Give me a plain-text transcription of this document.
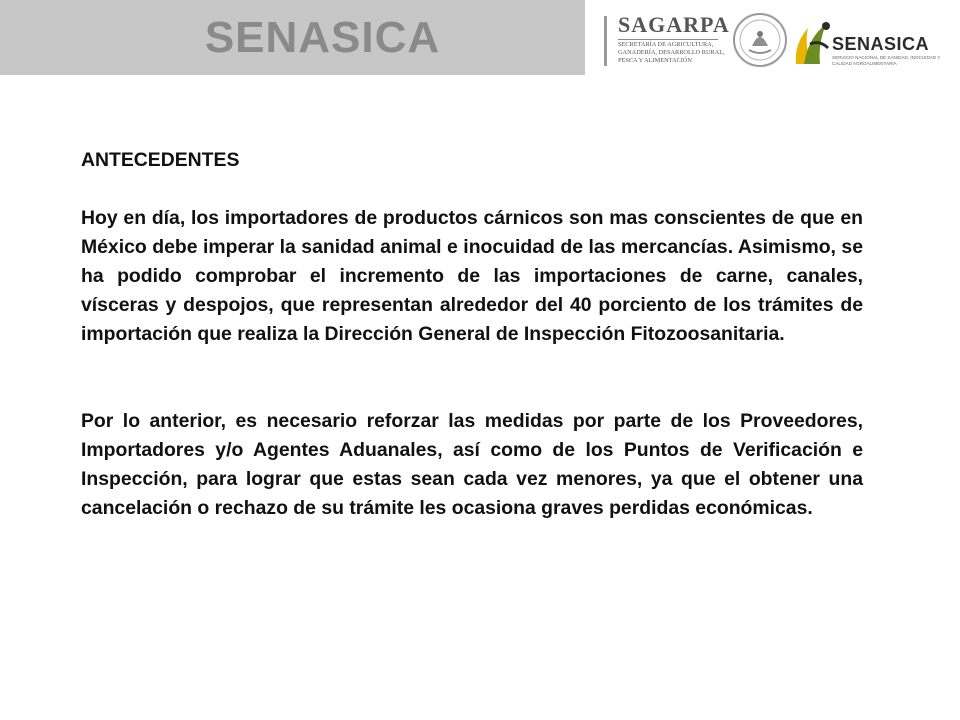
SENASICA	SAGARPA
SECRETARÍA DE AGRICULTURA, GANADERÍA, DESARROLLO RURAL, PESCA Y ALIMENTACIÓN
SENASICA
SERVICIO NACIONAL DE SANIDAD, INOCUIDAD Y CALIDAD AGROALIMENTARIA

ANTECEDENTES

Hoy en día, los importadores de productos cárnicos son mas conscientes de que en México debe imperar la sanidad animal e inocuidad de las mercancías. Asimismo, se ha podido comprobar el incremento de las importaciones de carne, canales, vísceras y despojos, que representan alrededor del 40 porciento de los trámites de importación que realiza la Dirección General de Inspección Fitozoosanitaria.

Por lo anterior, es necesario reforzar las medidas por parte de los Proveedores, Importadores y/o Agentes Aduanales, así como de los Puntos de Verificación e Inspección, para lograr que estas sean cada vez menores, ya que el obtener una cancelación o rechazo de su trámite les ocasiona graves perdidas económicas.
